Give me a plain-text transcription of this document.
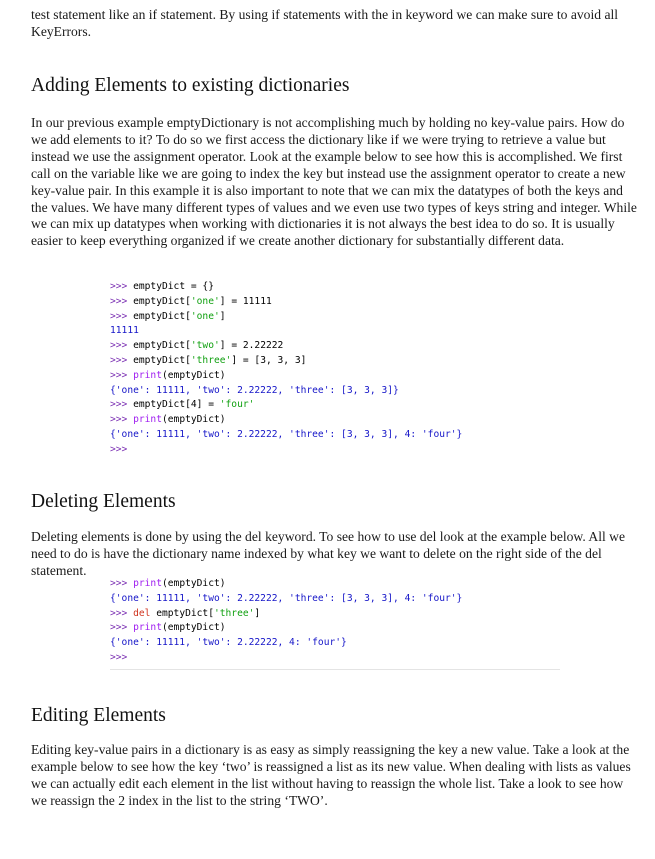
test statement like an if statement. By using if statements with the in keyword we can make sure to avoid all KeyErrors.

Adding Elements to existing dictionaries

In our previous example emptyDictionary is not accomplishing much by holding no key-value pairs. How do we add elements to it? To do so we first access the dictionary like if we were trying to retrieve a value but instead we use the assignment operator. Look at the example below to see how this is accomplished. We first call on the variable like we are going to index the key but instead use the assignment operator to create a new key-value pair. In this example it is also important to note that we can mix the datatypes of both the keys and the values. We have many different types of values and we even use two types of keys string and integer. While we can mix up datatypes when working with dictionaries it is not always the best idea to do so. It is usually easier to keep everything organized if we create another dictionary for substantially different data.

Deleting Elements

Deleting elements is done by using the del keyword. To see how to use del look at the example below. All we need to do is have the dictionary name indexed by what key we want to delete on the right side of the del statement.

Editing Elements

Editing key-value pairs in a dictionary is as easy as simply reassigning the key a new value. Take a look at the example below to see how the key ‘two’ is reassigned a list as its new value. When dealing with lists as values we can actually edit each element in the list without having to reassign the whole list. Take a look to see how we reassign the 2 index in the list to the string ‘TWO’.

>>> emptyDict = {}
>>> emptyDict['one'] = 11111
>>> emptyDict['one']
11111
>>> emptyDict['two'] = 2.22222
>>> emptyDict['three'] = [3, 3, 3]
>>> print(emptyDict)
{'one': 11111, 'two': 2.22222, 'three': [3, 3, 3]}
>>> emptyDict[4] = 'four'
>>> print(emptyDict)
{'one': 11111, 'two': 2.22222, 'three': [3, 3, 3], 4: 'four'}
>>>
>>> print(emptyDict)
{'one': 11111, 'two': 2.22222, 'three': [3, 3, 3], 4: 'four'}
>>> del emptyDict['three']
>>> print(emptyDict)
{'one': 11111, 'two': 2.22222, 4: 'four'}
>>>
